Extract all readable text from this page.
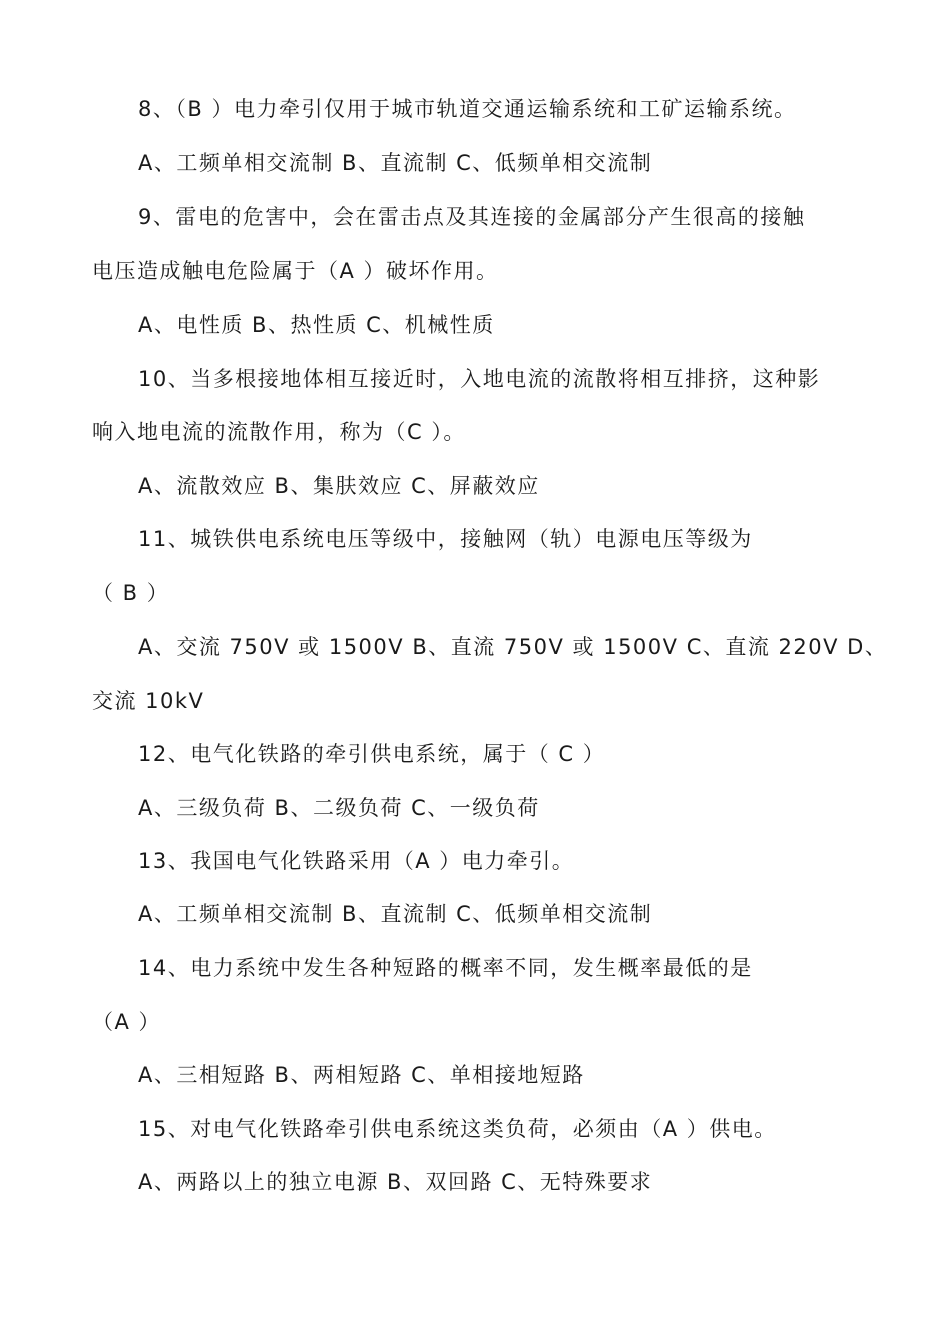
8、（B ）电力牵引仅用于城市轨道交通运输系统和工矿运输系统。
A、工频单相交流制 B、直流制 C、低频单相交流制
9、雷电的危害中，会在雷击点及其连接的金属部分产生很高的接触
电压造成触电危险属于（A ）破坏作用。
A、电性质 B、热性质 C、机械性质
10、当多根接地体相互接近时，入地电流的流散将相互排挤，这种影
响入地电流的流散作用，称为（C ）。
A、流散效应 B、集肤效应 C、屏蔽效应
11、城铁供电系统电压等级中，接触网（轨）电源电压等级为
（ B ）
A、交流 750V 或 1500V B、直流 750V 或 1500V C、直流 220V D、
交流 10kV
12、电气化铁路的牵引供电系统，属于（ C ）
A、三级负荷 B、二级负荷 C、一级负荷
13、我国电气化铁路采用（A ）电力牵引。
A、工频单相交流制 B、直流制 C、低频单相交流制
14、电力系统中发生各种短路的概率不同，发生概率最低的是
（A ）
A、三相短路 B、两相短路 C、单相接地短路
15、对电气化铁路牵引供电系统这类负荷，必须由（A ）供电。
A、两路以上的独立电源 B、双回路 C、无特殊要求
